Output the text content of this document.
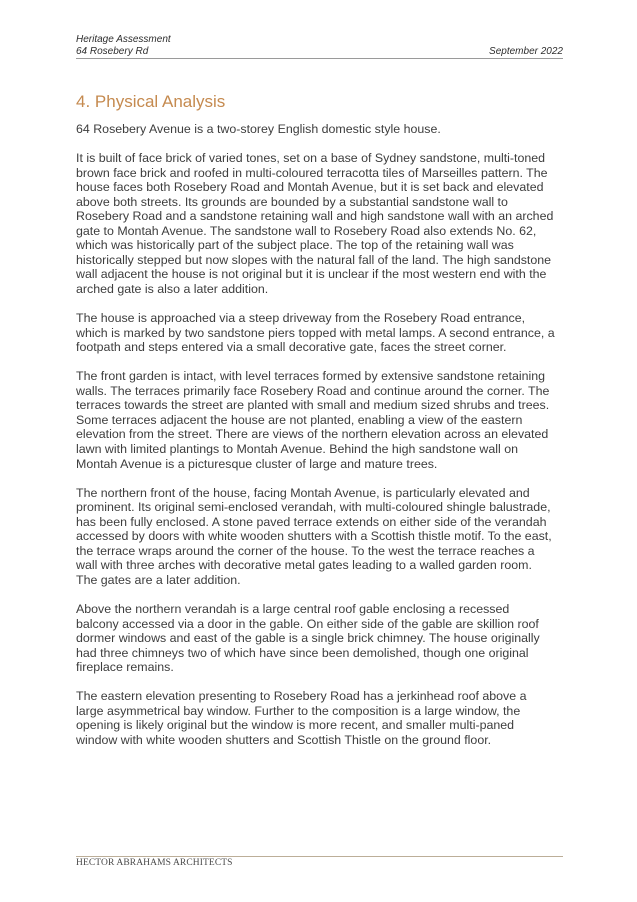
Heritage Assessment
64 Rosebery Rd	September 2022
4. Physical Analysis

64 Rosebery Avenue is a two-storey English domestic style house.

It is built of face brick of varied tones, set on a base of Sydney sandstone, multi-toned
brown face brick and roofed in multi-coloured terracotta tiles of Marseilles pattern. The
house faces both Rosebery Road and Montah Avenue, but it is set back and elevated
above both streets. Its grounds are bounded by a substantial sandstone wall to
Rosebery Road and a sandstone retaining wall and high sandstone wall with an arched
gate to Montah Avenue. The sandstone wall to Rosebery Road also extends No. 62,
which was historically part of the subject place. The top of the retaining wall was
historically stepped but now slopes with the natural fall of the land. The high sandstone
wall adjacent the house is not original but it is unclear if the most western end with the
arched gate is also a later addition.

The house is approached via a steep driveway from the Rosebery Road entrance,
which is marked by two sandstone piers topped with metal lamps. A second entrance, a
footpath and steps entered via a small decorative gate, faces the street corner.

The front garden is intact, with level terraces formed by extensive sandstone retaining
walls. The terraces primarily face Rosebery Road and continue around the corner. The
terraces towards the street are planted with small and medium sized shrubs and trees.
Some terraces adjacent the house are not planted, enabling a view of the eastern
elevation from the street. There are views of the northern elevation across an elevated
lawn with limited plantings to Montah Avenue. Behind the high sandstone wall on
Montah Avenue is a picturesque cluster of large and mature trees.

The northern front of the house, facing Montah Avenue, is particularly elevated and
prominent. Its original semi-enclosed verandah, with multi-coloured shingle balustrade,
has been fully enclosed. A stone paved terrace extends on either side of the verandah
accessed by doors with white wooden shutters with a Scottish thistle motif. To the east,
the terrace wraps around the corner of the house. To the west the terrace reaches a
wall with three arches with decorative metal gates leading to a walled garden room.
The gates are a later addition.

Above the northern verandah is a large central roof gable enclosing a recessed
balcony accessed via a door in the gable. On either side of the gable are skillion roof
dormer windows and east of the gable is a single brick chimney. The house originally
had three chimneys two of which have since been demolished, though one original
fireplace remains.

The eastern elevation presenting to Rosebery Road has a jerkinhead roof above a
large asymmetrical bay window. Further to the composition is a large window, the
opening is likely original but the window is more recent, and smaller multi-paned
window with white wooden shutters and Scottish Thistle on the ground floor.

HECTOR ABRAHAMS ARCHITECTS
